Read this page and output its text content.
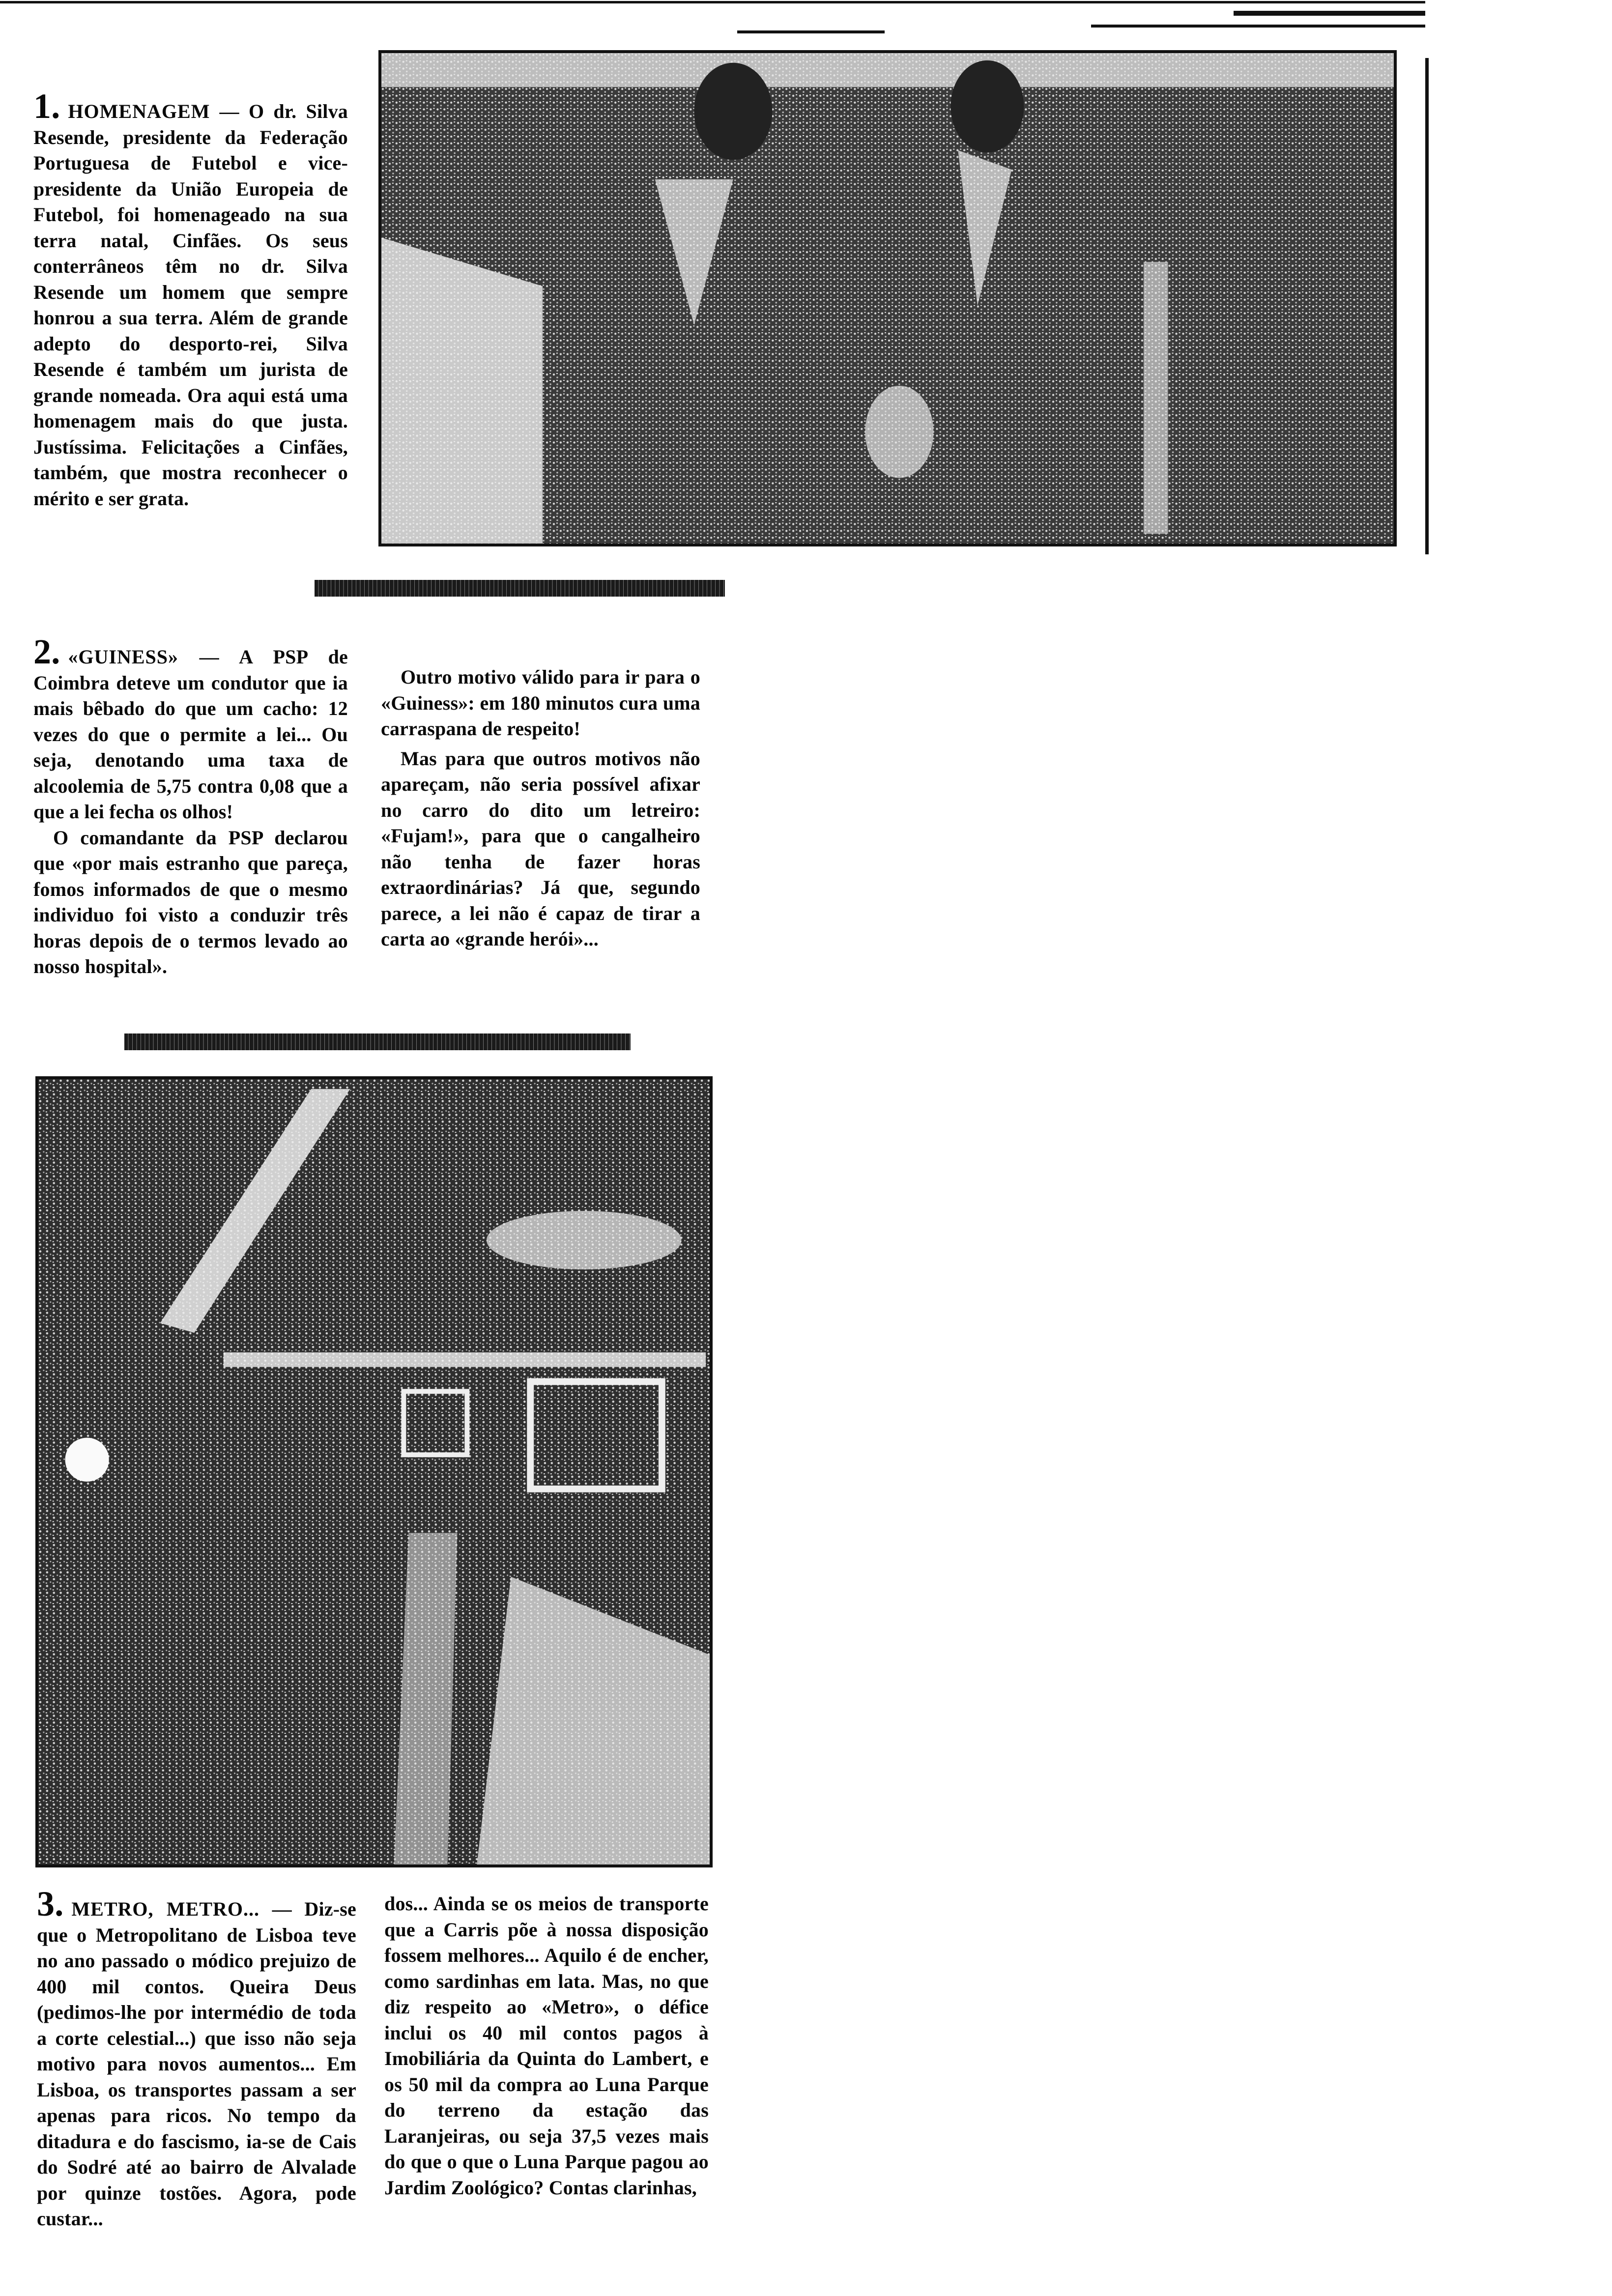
1. HOMENAGEM — O dr. Silva Resende, presidente da Federação Portuguesa de Futebol e vice-presidente da União Europeia de Futebol, foi homenageado na sua terra natal, Cinfães. Os seus conterrâneos têm no dr. Silva Resende um homem que sempre honrou a sua terra. Além de grande adepto do desporto-rei, Silva Resende é também um jurista de grande nomeada. Ora aqui está uma homenagem mais do que justa. Justíssima. Felicitações a Cinfães, também, que mostra reconhecer o mérito e ser grata.

2. «GUINESS» — A PSP de Coimbra deteve um condutor que ia mais bêbado do que um cacho: 12 vezes do que o permite a lei... Ou seja, denotando uma taxa de alcoolemia de 5,75 contra 0,08 que a que a lei fecha os olhos!

O comandante da PSP declarou que «por mais estranho que pareça, fomos informados de que o mesmo individuo foi visto a conduzir três horas depois de o termos levado ao nosso hospital».

Outro motivo válido para ir para o «Guiness»: em 180 minutos cura uma carraspana de respeito!

Mas para que outros motivos não apareçam, não seria possível afixar no carro do dito um letreiro: «Fujam!», para que o cangalheiro não tenha de fazer horas extraordinárias? Já que, segundo parece, a lei não é capaz de tirar a carta ao «grande herói»...

3. METRO, METRO... — Diz-se que o Metropolitano de Lisboa teve no ano passado o módico prejuizo de 400 mil contos. Queira Deus (pedimos-lhe por intermédio de toda a corte celestial...) que isso não seja motivo para novos aumentos... Em Lisboa, os transportes passam a ser apenas para ricos. No tempo da ditadura e do fascismo, ia-se de Cais do Sodré até ao bairro de Alvalade por quinze tostões. Agora, pode custar...

dos... Ainda se os meios de transporte que a Carris põe à nossa disposição fossem melhores... Aquilo é de encher, como sardinhas em lata. Mas, no que diz respeito ao «Metro», o défice inclui os 40 mil contos pagos à Imobiliária da Quinta do Lambert, e os 50 mil da compra ao Luna Parque do terreno da estação das Laranjeiras, ou seja 37,5 vezes mais do que o que o Luna Parque pagou ao Jardim Zoológico? Contas clarinhas,
